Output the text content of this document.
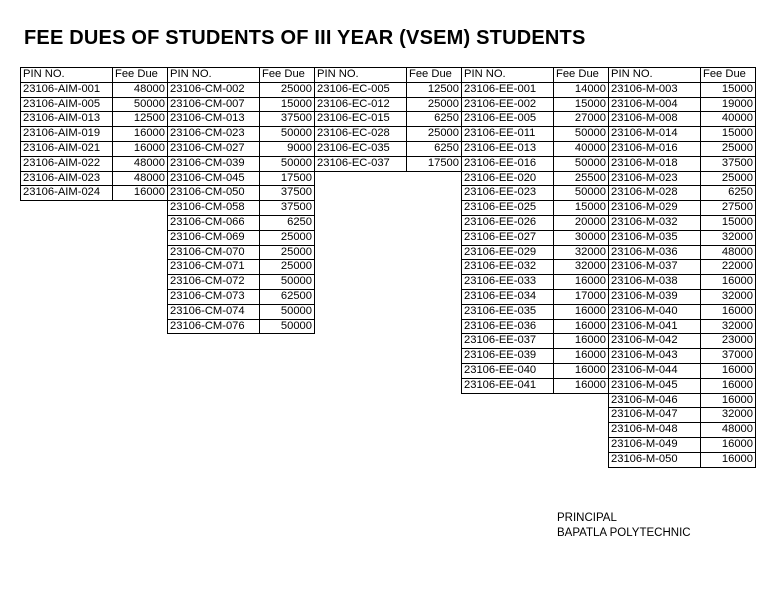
FEE DUES OF STUDENTS OF III YEAR (VSEM) STUDENTS
PIN NO.	Fee Due
23106-AIM-001	48000
23106-AIM-005	50000
23106-AIM-013	12500
23106-AIM-019	16000
23106-AIM-021	16000
23106-AIM-022	48000
23106-AIM-023	48000
23106-AIM-024	16000
PIN NO.	Fee Due
23106-CM-002	25000
23106-CM-007	15000
23106-CM-013	37500
23106-CM-023	50000
23106-CM-027	9000
23106-CM-039	50000
23106-CM-045	17500
23106-CM-050	37500
23106-CM-058	37500
23106-CM-066	6250
23106-CM-069	25000
23106-CM-070	25000
23106-CM-071	25000
23106-CM-072	50000
23106-CM-073	62500
23106-CM-074	50000
23106-CM-076	50000
PIN NO.	Fee Due
23106-EC-005	12500
23106-EC-012	25000
23106-EC-015	6250
23106-EC-028	25000
23106-EC-035	6250
23106-EC-037	17500
PIN NO.	Fee Due
23106-EE-001	14000
23106-EE-002	15000
23106-EE-005	27000
23106-EE-011	50000
23106-EE-013	40000
23106-EE-016	50000
23106-EE-020	25500
23106-EE-023	50000
23106-EE-025	15000
23106-EE-026	20000
23106-EE-027	30000
23106-EE-029	32000
23106-EE-032	32000
23106-EE-033	16000
23106-EE-034	17000
23106-EE-035	16000
23106-EE-036	16000
23106-EE-037	16000
23106-EE-039	16000
23106-EE-040	16000
23106-EE-041	16000
PIN NO.	Fee Due
23106-M-003	15000
23106-M-004	19000
23106-M-008	40000
23106-M-014	15000
23106-M-016	25000
23106-M-018	37500
23106-M-023	25000
23106-M-028	6250
23106-M-029	27500
23106-M-032	15000
23106-M-035	32000
23106-M-036	48000
23106-M-037	22000
23106-M-038	16000
23106-M-039	32000
23106-M-040	16000
23106-M-041	32000
23106-M-042	23000
23106-M-043	37000
23106-M-044	16000
23106-M-045	16000
23106-M-046	16000
23106-M-047	32000
23106-M-048	48000
23106-M-049	16000
23106-M-050	16000
PRINCIPAL
BAPATLA POLYTECHNIC
